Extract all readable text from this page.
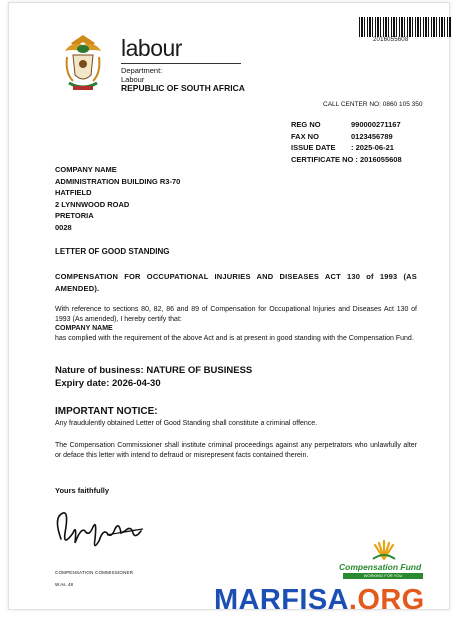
2016055608
labour
Department:
Labour
REPUBLIC OF SOUTH AFRICA
CALL CENTER NO: 0860 105 350
REG NO	990000271167
FAX NO	0123456789
ISSUE DATE	: 2025-06-21
CERTIFICATE NO : 2016055608
COMPANY NAME
ADMINISTRATION BUILDING R3-70
HATFIELD
2 LYNNWOOD ROAD
PRETORIA
0028
LETTER OF GOOD STANDING
COMPENSATION FOR OCCUPATIONAL INJURIES AND DISEASES ACT 130 of 1993 (AS AMENDED).
With reference to sections 80, 82, 86 and 89 of Compensation for Occupational Injuries and Diseases Act 130 of 1993 (As amended), I hereby certify that:
COMPANY NAME
has complied with the requirement of the above Act and is at present in good standing with the Compensation Fund.
Nature of business: NATURE OF BUSINESS
Expiry date: 2026-04-30
IMPORTANT NOTICE:
Any fraudulently obtained Letter of Good Standing shall constitute a criminal offence.
The Compensation Commissioner shall institute criminal proceedings against any perpetrators who unlawfully alter or deface this letter with intend to defraud or misrepresent facts contained therein.
Yours faithfully
COMPENSATION COMMISSIONER
W.As. 48
Compensation Fund
WORKING FOR YOU
MARFISA.ORG
